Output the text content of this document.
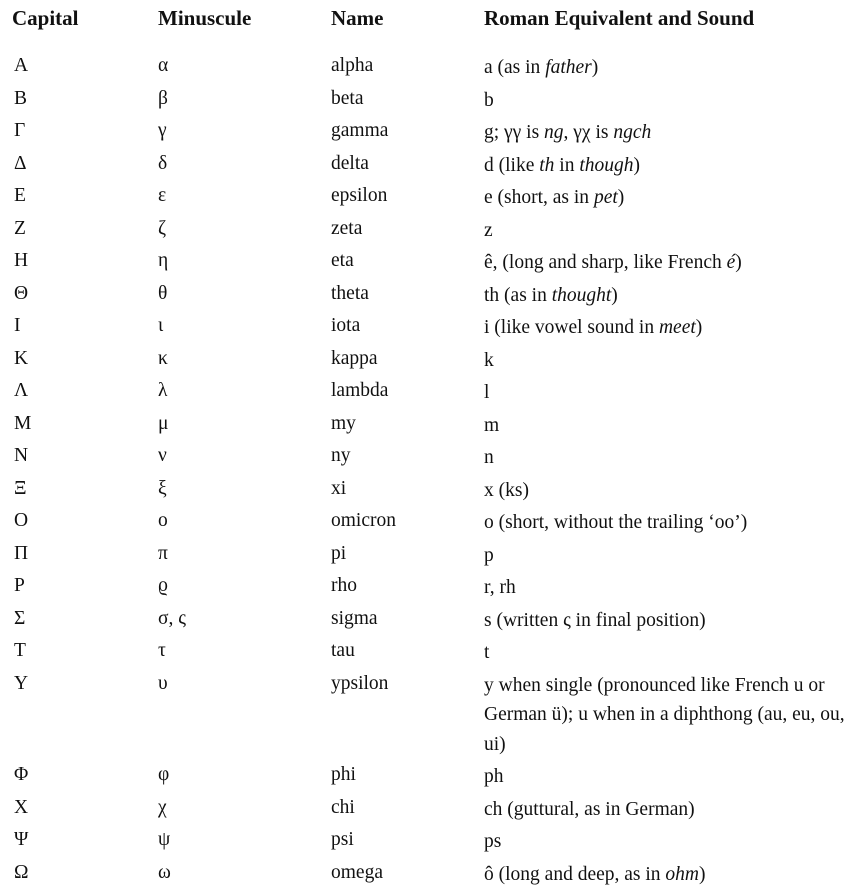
Capital	Minuscule	Name	Roman Equivalent and Sound
Α	α	alpha	a (as in father)
Β	β	beta	b
Γ	γ	gamma	g; γγ is ng, γχ is ngch
Δ	δ	delta	d (like th in though)
Ε	ε	epsilon	e (short, as in pet)
Ζ	ζ	zeta	z
Η	η	eta	ê, (long and sharp, like French é)
Θ	θ	theta	th (as in thought)
Ι	ι	iota	i (like vowel sound in meet)
Κ	κ	kappa	k
Λ	λ	lambda	l
Μ	μ	my	m
Ν	ν	ny	n
Ξ	ξ	xi	x (ks)
Ο	ο	omicron	o (short, without the trailing ‘oo’)
Π	π	pi	p
Ρ	ϱ	rho	r, rh
Σ	σ, ς	sigma	s (written ς in final position)
Τ	τ	tau	t
Υ	υ	ypsilon	y when single (pronounced like French u or German ü); u when in a diphthong (au, eu, ou, ui)
Φ	φ	phi	ph
Χ	χ	chi	ch (guttural, as in German)
Ψ	ψ	psi	ps
Ω	ω	omega	ô (long and deep, as in ohm)
